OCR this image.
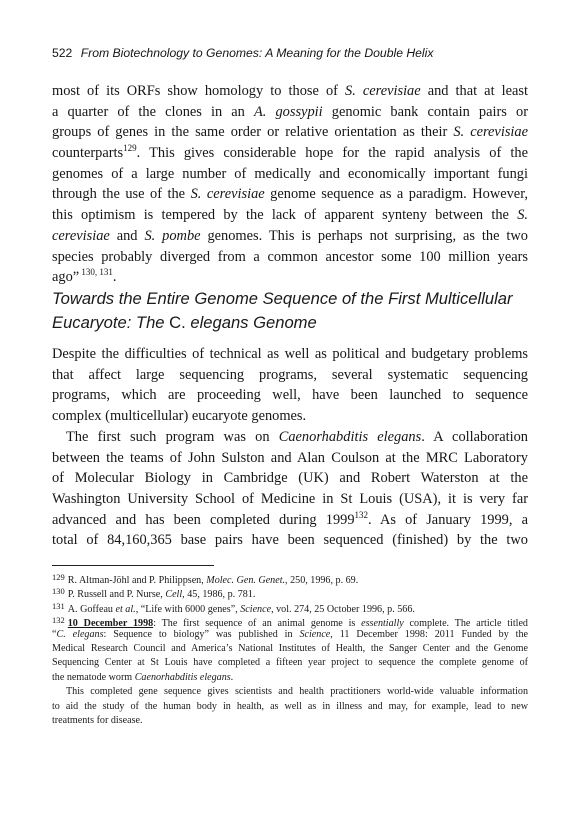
522 From Biotechnology to Genomes: A Meaning for the Double Helix
most of its ORFs show homology to those of S. cerevisiae and that at least
a quarter of the clones in an A. gossypii genomic bank contain pairs or
groups of genes in the same order or relative orientation as their S. cerevisiae
counterparts$^{129}$. This gives considerable hope for the rapid analysis of the
genomes of a large number of medically and economically important fungi
through the use of the S. cerevisiae genome sequence as a paradigm. However,
this optimism is tempered by the lack of apparent synteny between the S.
cerevisiae and S. pombe genomes. This is perhaps not surprising, as the two
species probably diverged from a common ancestor some 100 million years
ago” $^{130, 131}$.
Towards the Entire Genome Sequence of the First Multicellular
Eucaryote: The C. elegans Genome
Despite the difficulties of technical as well as political and budgetary problems
that affect large sequencing programs, several systematic sequencing
programs, which are proceeding well, have been launched to sequence
complex (multicellular) eucaryote genomes.
The first such program was on Caenorhabditis elegans. A collaboration
between the teams of John Sulston and Alan Coulson at the MRC Laboratory
of Molecular Biology in Cambridge (UK) and Robert Waterston at the
Washington University School of Medicine in St Louis (USA), it is very far
advanced and has been completed during 1999$^{132}$. As of January 1999, a
total of 84,160,365 base pairs have been sequenced (finished) by the two
$^{129}$ R. Altman-Jöhl and P. Philippsen, Molec. Gen. Genet., 250, 1996, p. 69.
$^{130}$ P. Russell and P. Nurse, Cell, 45, 1986, p. 781.
$^{131}$ A. Goffeau et al., “Life with 6000 genes”, Science, vol. 274, 25 October 1996, p. 566.
$^{132}$ 10 December 1998: The first sequence of an animal genome is essentially complete. The article titled
“C. elegans: Sequence to biology” was published in Science, 11 December 1998: 2011 Funded by the
Medical Research Council and America’s National Institutes of Health, the Sanger Center and the Genome
Sequencing Center at St Louis have completed a fifteen year project to sequence the complete genome of
the nematode worm Caenorhabditis elegans.
This completed gene sequence gives scientists and health practitioners world-wide valuable information
to aid the study of the human body in health, as well as in illness and may, for example, lead to new
treatments for disease.
